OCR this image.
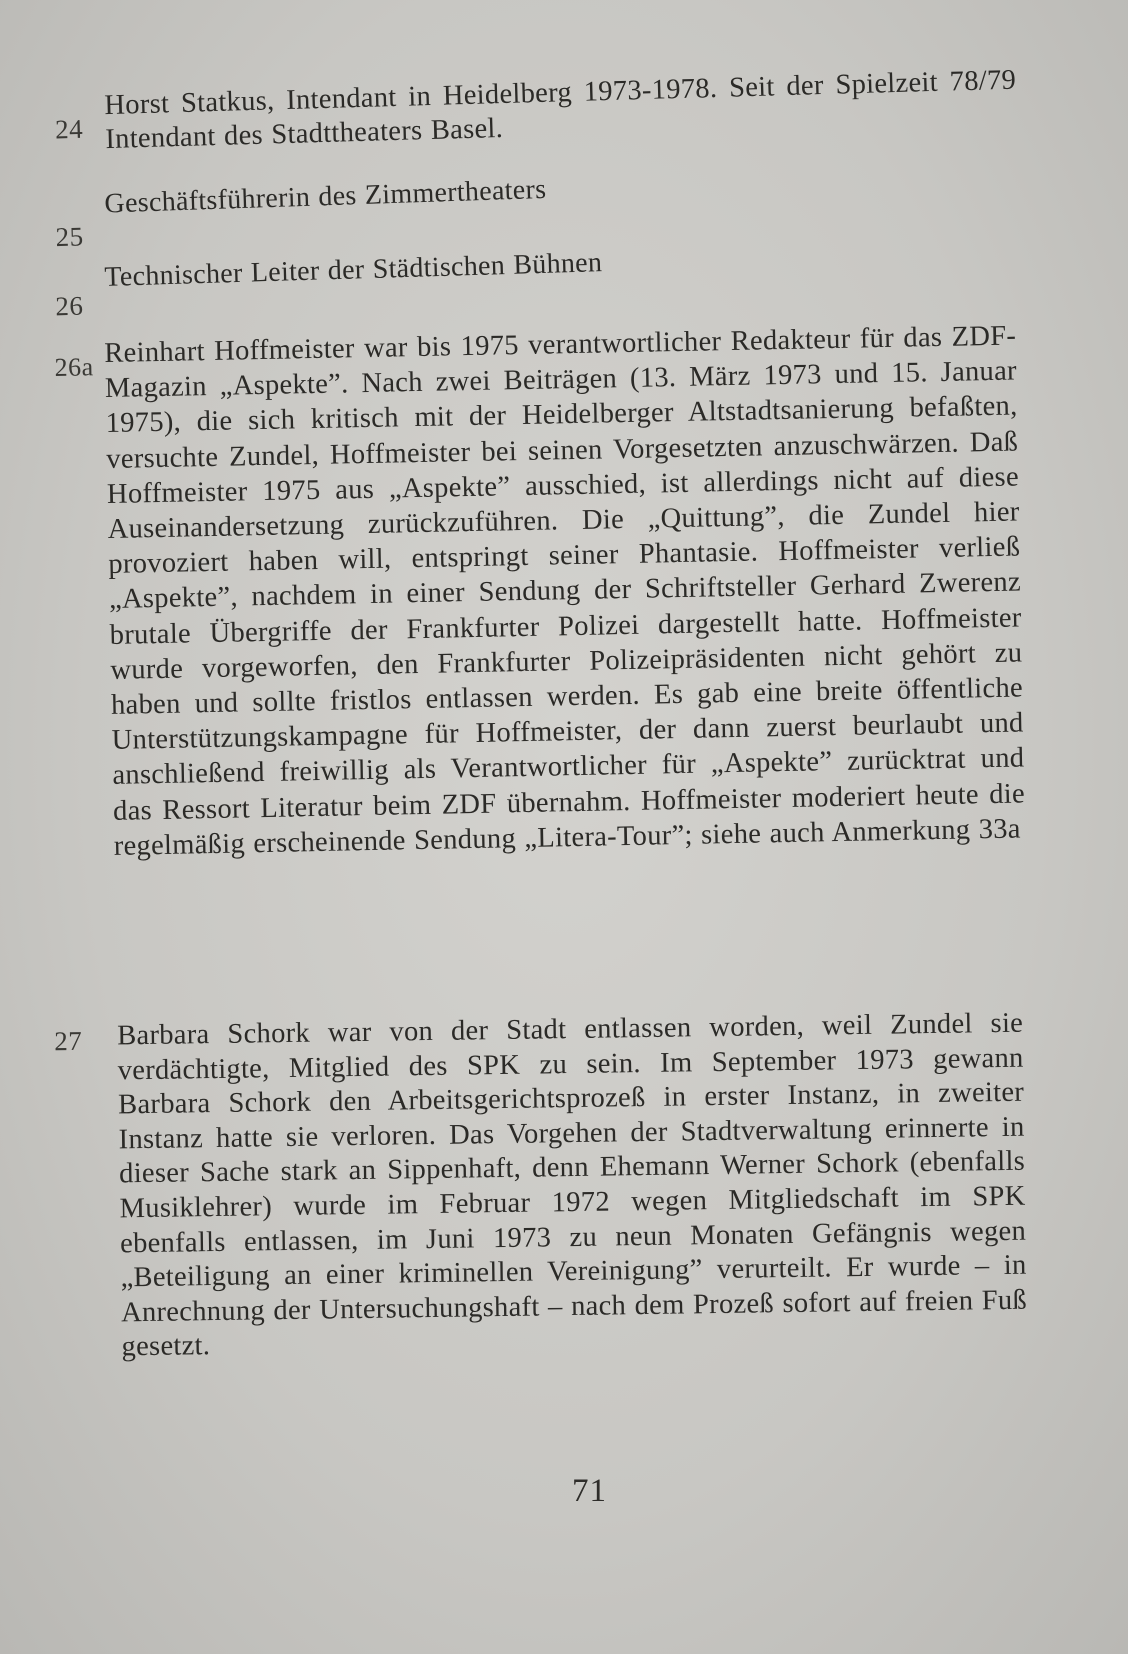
24

Horst Statkus, Intendant in Heidelberg 1973-1978. Seit der Spielzeit 78/79 Intendant des Stadttheaters Basel.

25

Geschäftsführerin des Zimmertheaters

26

Technischer Leiter der Städtischen Bühnen

26a Reinhart Hoffmeister war bis 1975 verantwortlicher Redakteur für das ZDF-Magazin „Aspekte”. Nach zwei Beiträgen (13. März 1973 und 15. Januar 1975), die sich kritisch mit der Heidelberger Altstadtsanierung befaßten, versuchte Zundel, Hoffmeister bei seinen Vorgesetzten anzuschwärzen. Daß Hoffmeister 1975 aus „Aspekte” ausschied, ist allerdings nicht auf diese Auseinandersetzung zurückzuführen. Die „Quittung”, die Zundel hier provoziert haben will, entspringt seiner Phantasie. Hoffmeister verließ „Aspekte”, nachdem in einer Sendung der Schriftsteller Gerhard Zwerenz brutale Übergriffe der Frankfurter Polizei dargestellt hatte. Hoffmeister wurde vorgeworfen, den Frankfurter Polizeipräsidenten nicht gehört zu haben und sollte fristlos entlassen werden. Es gab eine breite öffentliche Unterstützungskampagne für Hoffmeister, der dann zuerst beurlaubt und anschließend freiwillig als Verantwortlicher für „Aspekte” zurücktrat und das Ressort Literatur beim ZDF übernahm. Hoffmeister moderiert heute die regelmäßig erscheinende Sendung „Litera-Tour”; siehe auch Anmerkung 33a

27 Barbara Schork war von der Stadt entlassen worden, weil Zundel sie verdächtigte, Mitglied des SPK zu sein. Im September 1973 gewann Barbara Schork den Arbeitsgerichtsprozeß in erster Instanz, in zweiter Instanz hatte sie verloren. Das Vorgehen der Stadtverwaltung erinnerte in dieser Sache stark an Sippenhaft, denn Ehemann Werner Schork (ebenfalls Musiklehrer) wurde im Februar 1972 wegen Mitgliedschaft im SPK ebenfalls entlassen, im Juni 1973 zu neun Monaten Gefängnis wegen „Beteiligung an einer kriminellen Vereinigung” verurteilt. Er wurde – in Anrechnung der Untersuchungshaft – nach dem Prozeß sofort auf freien Fuß gesetzt.

71
